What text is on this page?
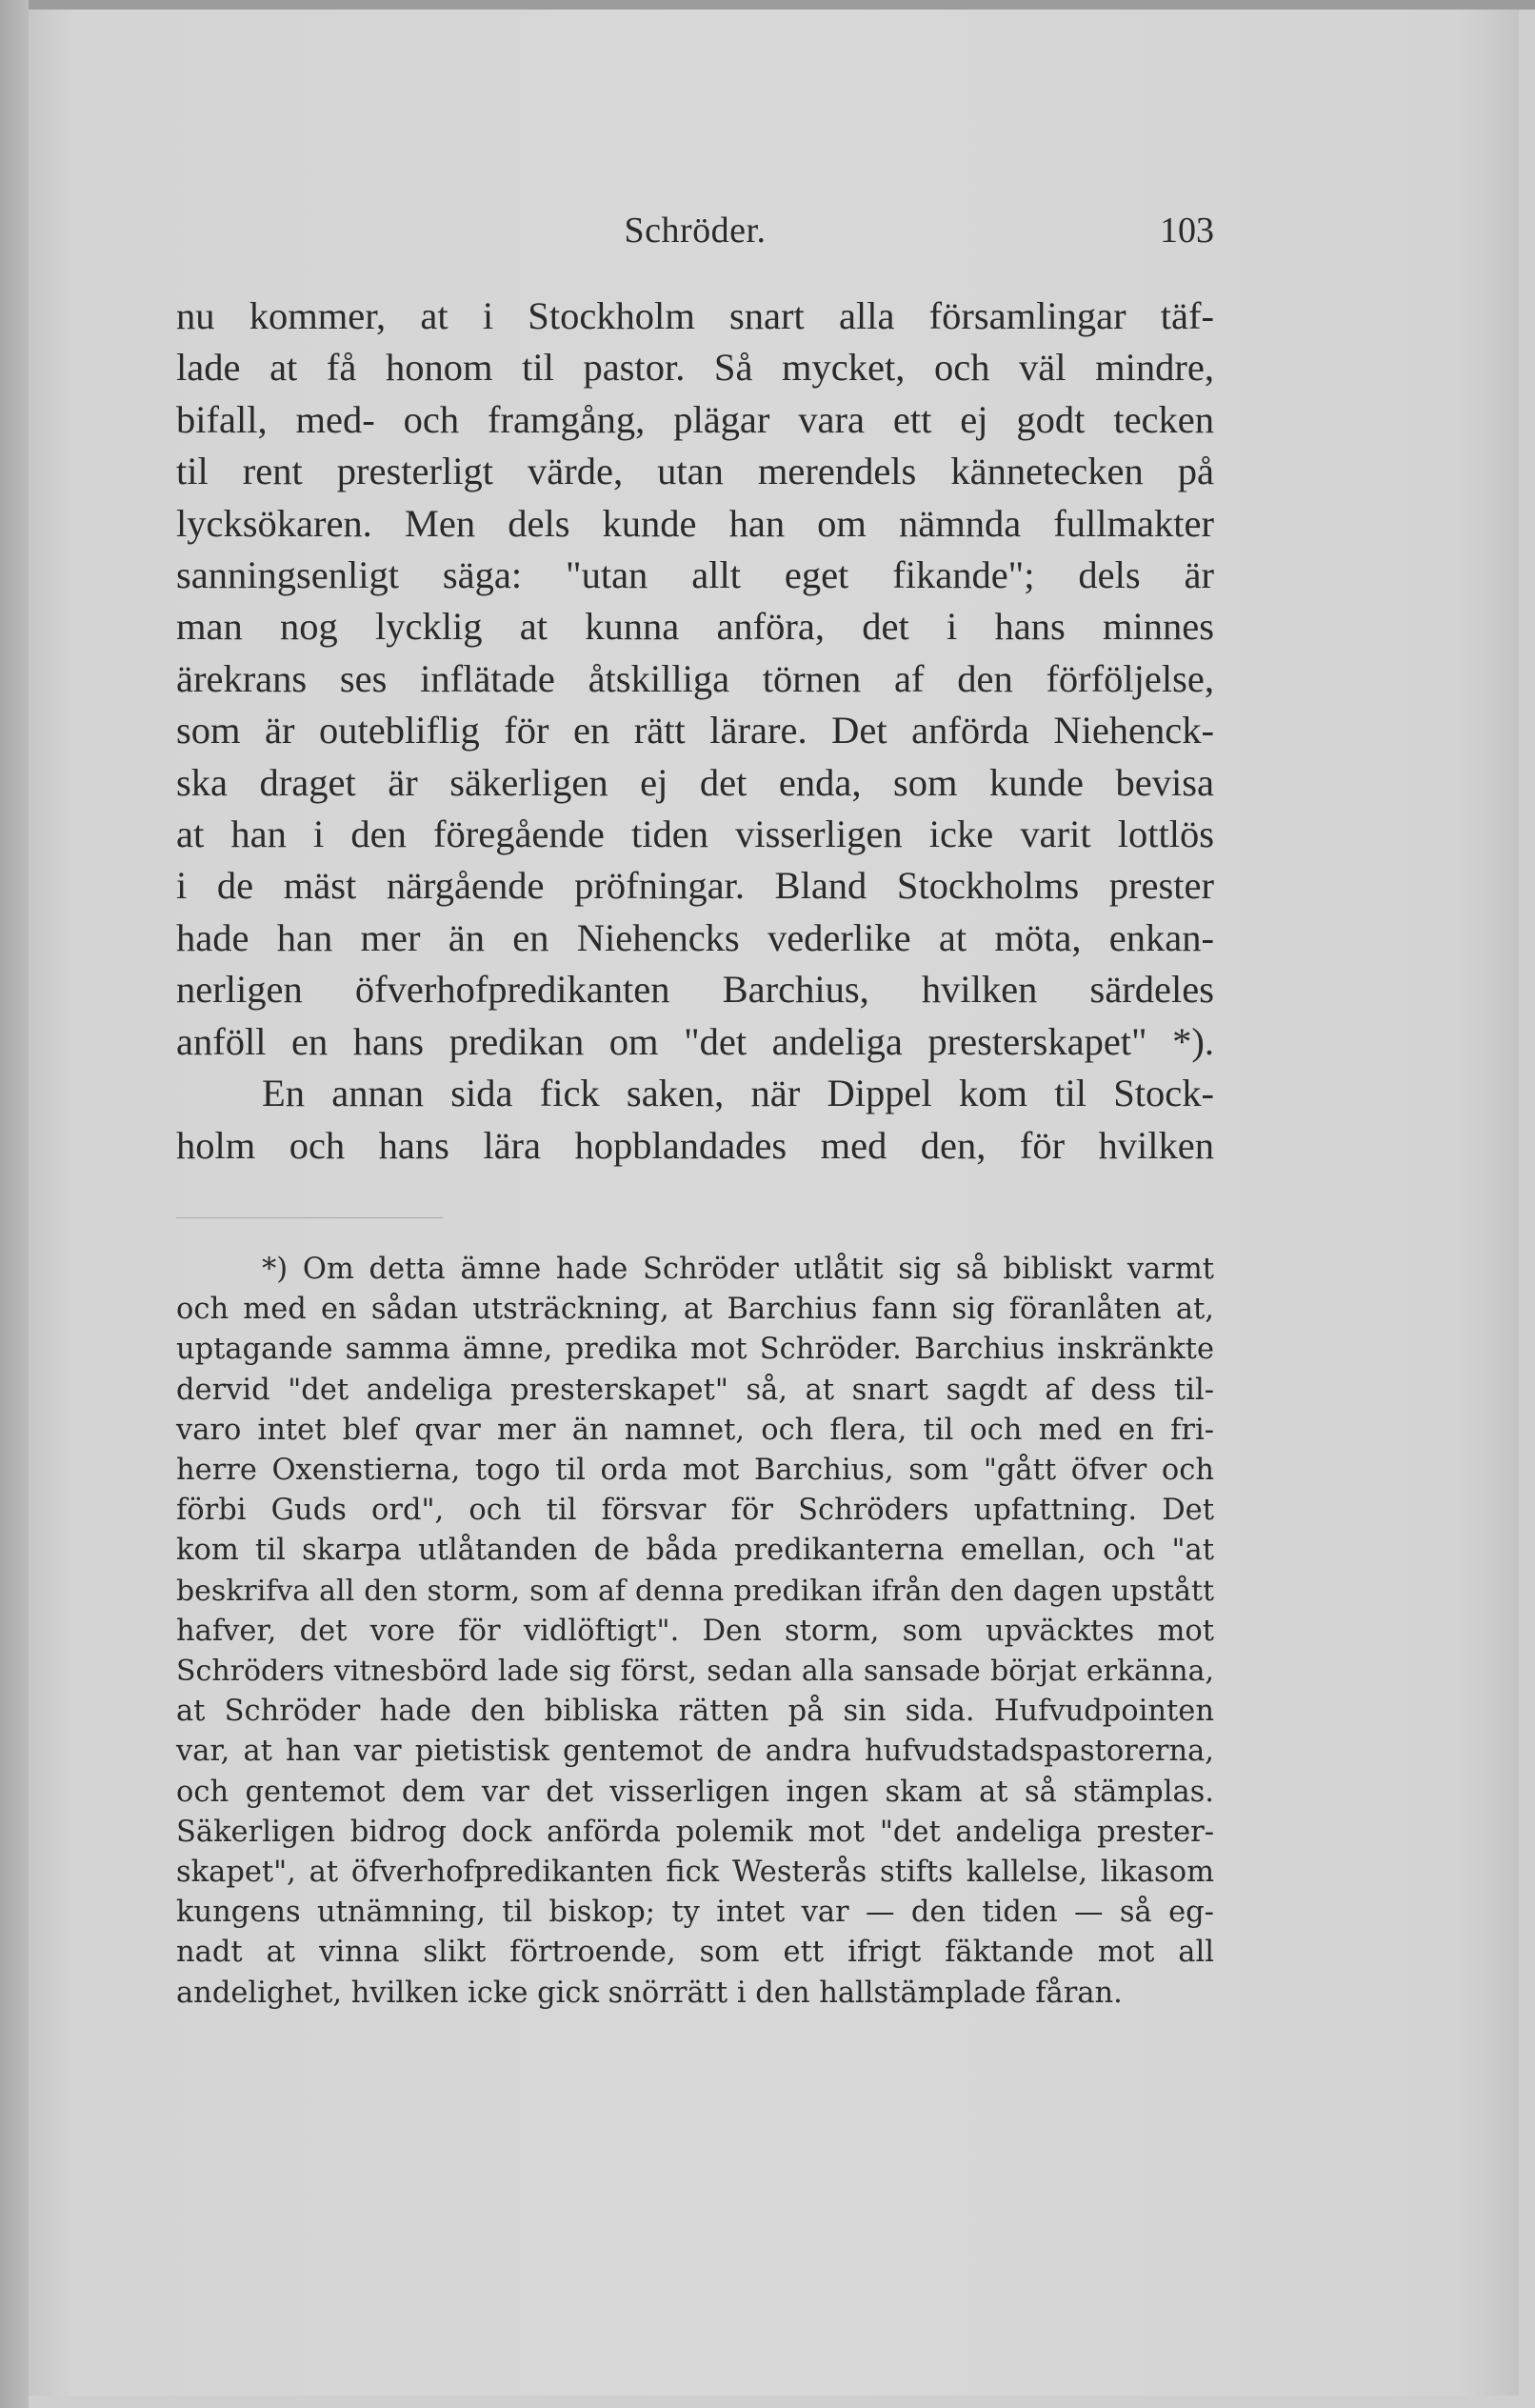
Schröder.	103
nu kommer, at i Stockholm snart alla församlingar täf-
lade at få honom til pastor. Så mycket, och väl mindre,
bifall, med- och framgång, plägar vara ett ej godt tecken
til rent presterligt värde, utan merendels kännetecken på
lycksökaren. Men dels kunde han om nämnda fullmakter
sanningsenligt säga: "utan allt eget fikande"; dels är
man nog lycklig at kunna anföra, det i hans minnes
ärekrans ses inflätade åtskilliga törnen af den förföljelse,
som är outebliflig för en rätt lärare. Det anförda Niehenck-
ska draget är säkerligen ej det enda, som kunde bevisa
at han i den föregående tiden visserligen icke varit lottlös
i de mäst närgående pröfningar. Bland Stockholms prester
hade han mer än en Niehencks vederlike at möta, enkan-
nerligen öfverhofpredikanten Barchius, hvilken särdeles
anföll en hans predikan om "det andeliga presterskapet" *).
En annan sida fick saken, när Dippel kom til Stock-
holm och hans lära hopblandades med den, för hvilken
*) Om detta ämne hade Schröder utlåtit sig så bibliskt varmt
och med en sådan utsträckning, at Barchius fann sig föranlåten at,
uptagande samma ämne, predika mot Schröder. Barchius inskränkte
dervid "det andeliga presterskapet" så, at snart sagdt af dess til-
varo intet blef qvar mer än namnet, och flera, til och med en fri-
herre Oxenstierna, togo til orda mot Barchius, som "gått öfver och
förbi Guds ord", och til försvar för Schröders upfattning. Det
kom til skarpa utlåtanden de båda predikanterna emellan, och "at
beskrifva all den storm, som af denna predikan ifrån den dagen upstått
hafver, det vore för vidlöftigt". Den storm, som upväcktes mot
Schröders vitnesbörd lade sig först, sedan alla sansade börjat erkänna,
at Schröder hade den bibliska rätten på sin sida. Hufvudpointen
var, at han var pietistisk gentemot de andra hufvudstadspastorerna,
och gentemot dem var det visserligen ingen skam at så stämplas.
Säkerligen bidrog dock anförda polemik mot "det andeliga prester-
skapet", at öfverhofpredikanten fick Westerås stifts kallelse, likasom
kungens utnämning, til biskop; ty intet var — den tiden — så eg-
nadt at vinna slikt förtroende, som ett ifrigt fäktande mot all
andelighet, hvilken icke gick snörrätt i den hallstämplade fåran.
